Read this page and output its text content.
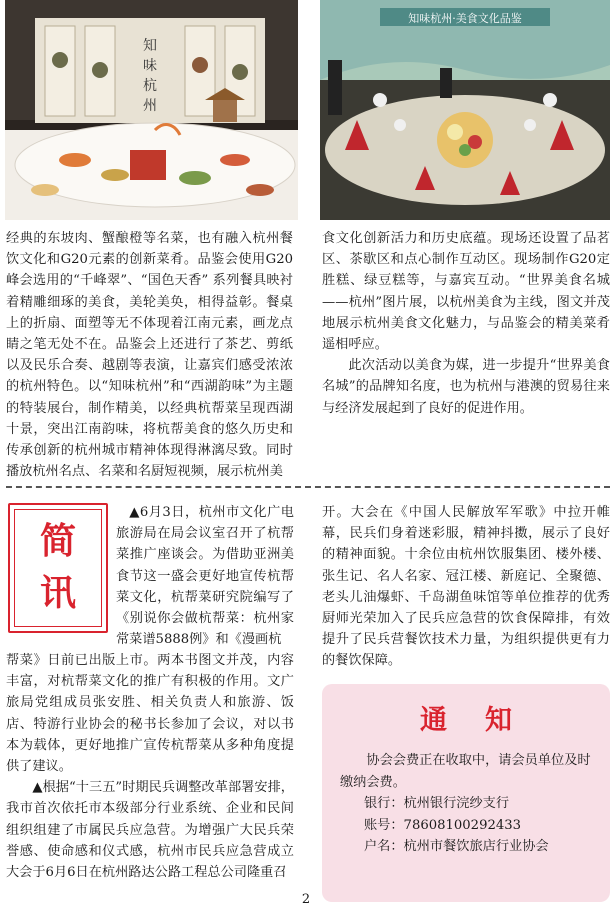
知
味
杭
州
知味杭州·美食文化品鉴

经典的东坡肉、蟹酿橙等名菜，也有融入杭州餐饮文化和G20元素的创新菜肴。品鉴会使用G20峰会选用的“千峰翠”、“国色天香” 系列餐具映衬着精雕细琢的美食，美轮美奂，相得益彰。餐桌上的折扇、面塑等无不体现着江南元素，画龙点睛之笔无处不在。品鉴会上还进行了茶艺、剪纸以及民乐合奏、越剧等表演，让嘉宾们感受浓浓的杭州特色。以“知味杭州”和“西湖韵味”为主题的特装展台，制作精美，以经典杭帮菜呈现西湖十景，突出江南韵味，将杭帮美食的悠久历史和传承创新的杭州城市精神体现得淋漓尽致。同时播放杭州名点、名菜和名厨短视频，展示杭州美

食文化创新活力和历史底蕴。现场还设置了品茗区、茶歇区和点心制作互动区。现场制作G20定胜糕、绿豆糕等，与嘉宾互动。“世界美食名城——杭州”图片展，以杭州美食为主线，图文并茂地展示杭州美食文化魅力，与品鉴会的精美菜肴遥相呼应。

此次活动以美食为媒，进一步提升“世界美食名城”的品牌知名度，也为杭州与港澳的贸易往来与经济发展起到了良好的促进作用。

简
讯

▲6月3日，杭州市文化广电旅游局在局会议室召开了杭帮菜推广座谈会。为借助亚洲美食节这一盛会更好地宣传杭帮菜文化，杭帮菜研究院编写了《别说你会做杭帮菜：杭州家常菜谱5888例》和《漫画杭

帮菜》日前已出版上市。两本书图文并茂，内容丰富，对杭帮菜文化的推广有积极的作用。文广旅局党组成员张安胜、相关负责人和旅游、饭店、特游行业协会的秘书长参加了会议，对以书本为载体，更好地推广宣传杭帮菜从多种角度提供了建议。

▲根据“十三五”时期民兵调整改革部署安排，我市首次依托市本级部分行业系统、企业和民间组织组建了市属民兵应急营。为增强广大民兵荣誉感、使命感和仪式感，杭州市民兵应急营成立大会于6月6日在杭州路达公路工程总公司隆重召

开。大会在《中国人民解放军军歌》中拉开帷幕，民兵们身着迷彩服，精神抖擞，展示了良好的精神面貌。十余位由杭州饮服集团、楼外楼、张生记、名人名家、冠江楼、新庭记、全聚德、老头儿油爆虾、千岛湖鱼味馆等单位推荐的优秀厨师光荣加入了民兵应急营的饮食保障排，有效提升了民兵营餐饮技术力量，为组织提供更有力的餐饮保障。

通知

协会会费正在收取中，请会员单位及时缴纳会费。

银行：杭州银行浣纱支行

账号：78608100292433

户名：杭州市餐饮旅店行业协会

2
